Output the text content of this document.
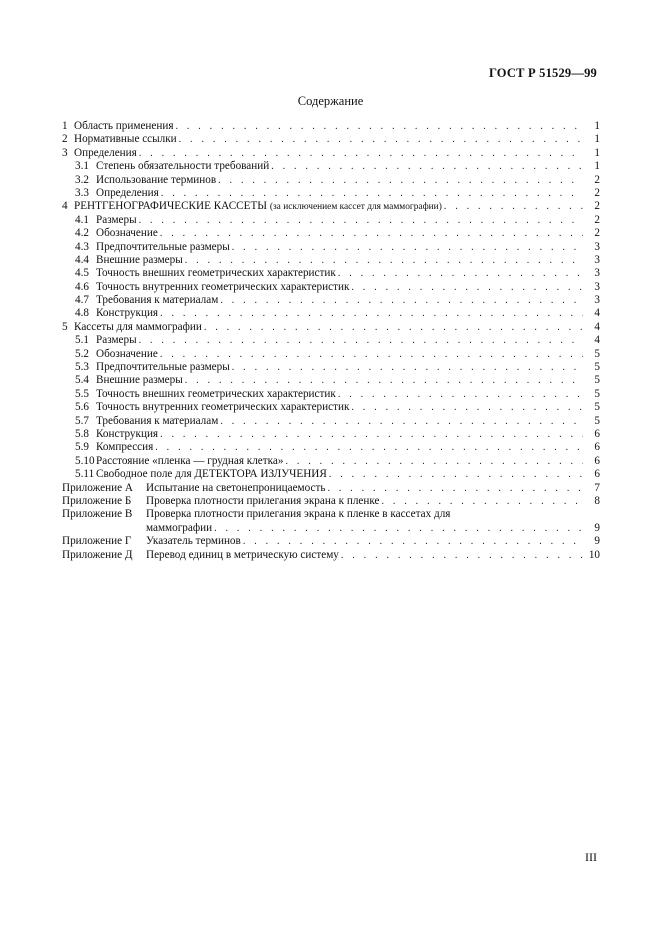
ГОСТ Р 51529—99
Содержание
1 Область применения . . .	1
2 Нормативные ссылки . . .	1
3 Определения . . .	1
3.1 Степень обязательности требований . . .	1
3.2 Использование терминов . . .	2
3.3 Определения . . .	2
4 РЕНТГЕНОГРАФИЧЕСКИЕ КАССЕТЫ (за исключением кассет для маммографии) . . .	2
4.1 Размеры . . .	2
4.2 Обозначение . . .	2
4.3 Предпочтительные размеры . . .	3
4.4 Внешние размеры . . .	3
4.5 Точность внешних геометрических характеристик . . .	3
4.6 Точность внутренних геометрических характеристик . . .	3
4.7 Требования к материалам . . .	3
4.8 Конструкция . . .	4
5 Кассеты для маммографии . . .	4
5.1 Размеры . . .	4
5.2 Обозначение . . .	5
5.3 Предпочтительные размеры . . .	5
5.4 Внешние размеры . . .	5
5.5 Точность внешних геометрических характеристик . . .	5
5.6 Точность внутренних геометрических характеристик . . .	5
5.7 Требования к материалам . . .	5
5.8 Конструкция . . .	6
5.9 Компрессия . . .	6
5.10 Расстояние «пленка — грудная клетка» . . .	6
5.11 Свободное поле для ДЕТЕКТОРА ИЗЛУЧЕНИЯ . . .	6
Приложение А	Испытание на светонепроницаемость . . .	7
Приложение Б	Проверка плотности прилегания экрана к пленке . . .	8
Приложение В	Проверка плотности прилегания экрана к пленке в кассетах для
маммографии . . .	9
Приложение Г	Указатель терминов . . .	9
Приложение Д	Перевод единиц в метрическую систему . . .	10
III
